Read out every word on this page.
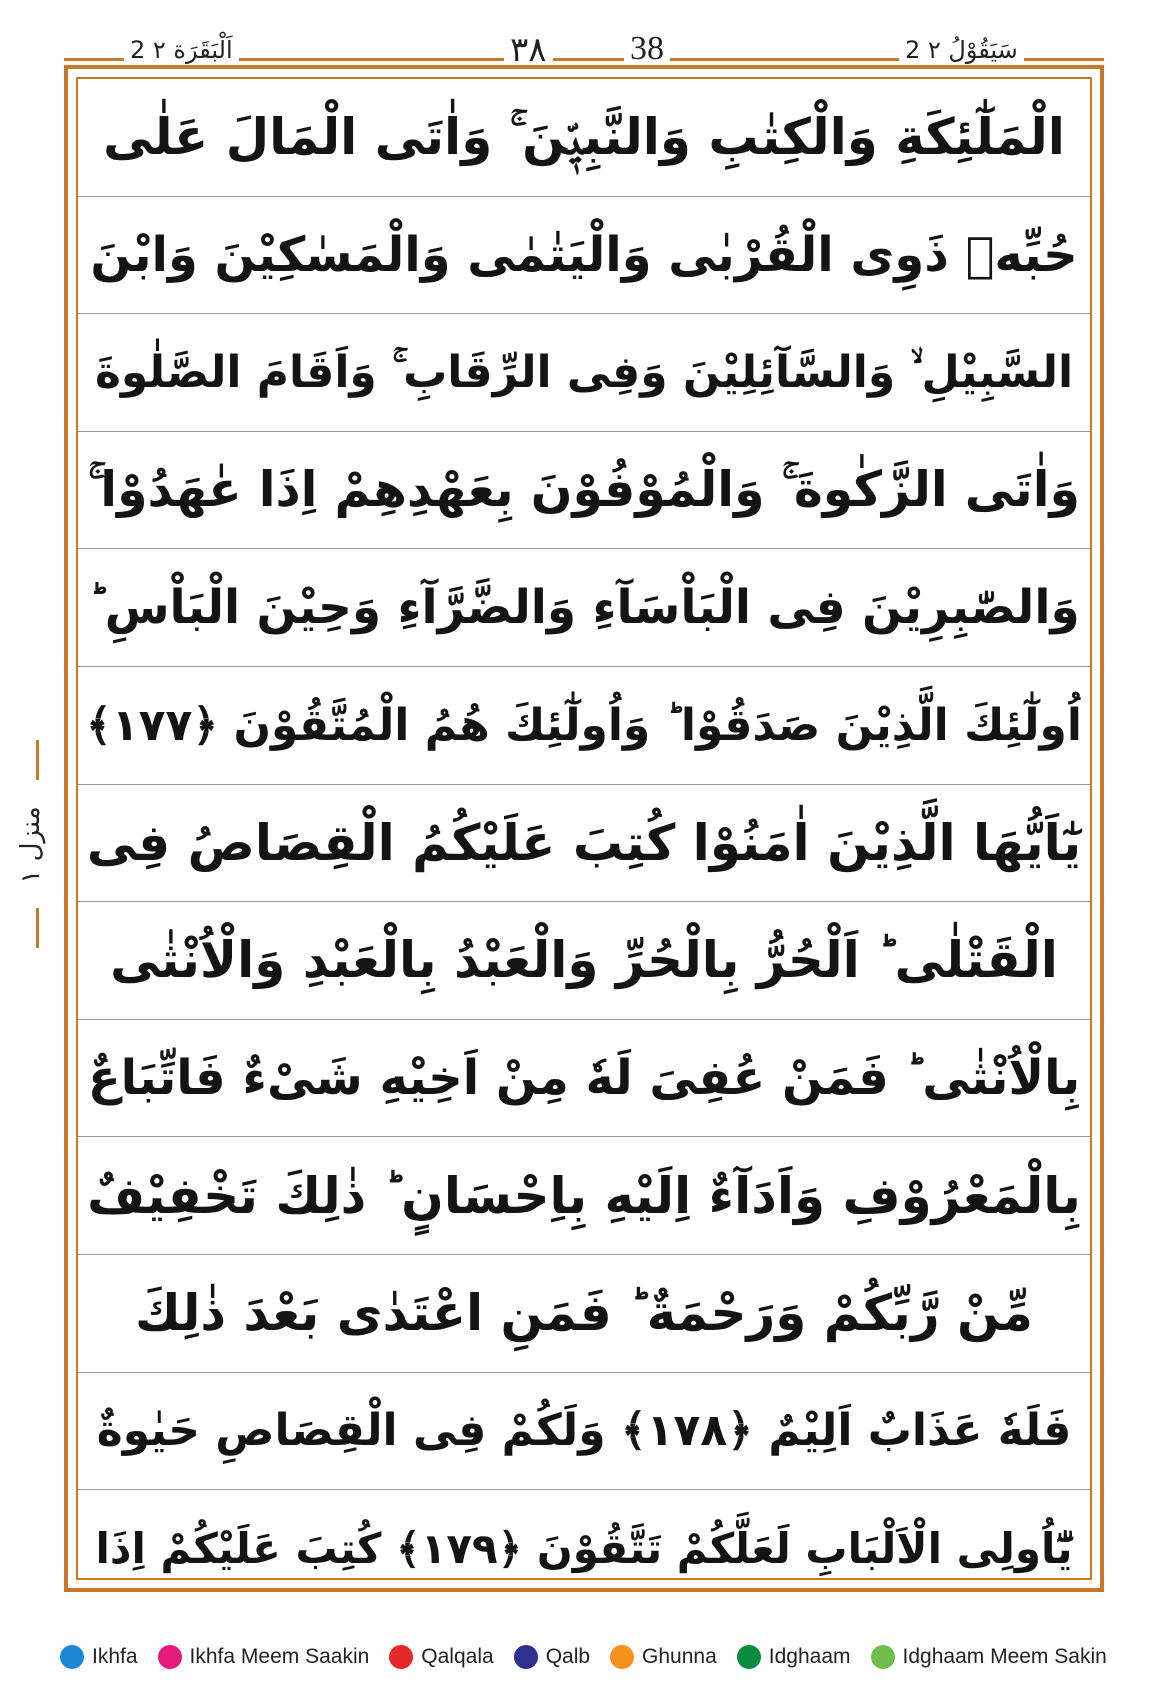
2 اَلْبَقَرَة ٢	٣٨ 38	2 سَيَقُوْلُ ٢
منزل ١
الْمَلٰٓئِكَةِ وَالْكِتٰبِ وَالنَّبِيّٖنَ ۚ وَاٰتَى الْمَالَ عَلٰى
حُبِّهٖ ذَوِى الْقُرْبٰى وَالْيَتٰمٰى وَالْمَسٰكِيْنَ وَابْنَ
السَّبِيْلِ ۙ وَالسَّآئِلِيْنَ وَفِى الرِّقَابِ ۚ وَاَقَامَ الصَّلٰوةَ
وَاٰتَى الزَّكٰوةَ ۚ وَالْمُوْفُوْنَ بِعَهْدِهِمْ اِذَا عٰهَدُوْا ۚ
وَالصّٰبِرِيْنَ فِى الْبَاْسَآءِ وَالضَّرَّآءِ وَحِيْنَ الْبَاْسِ ؕ
اُولٰٓئِكَ الَّذِيْنَ صَدَقُوْا ؕ وَاُولٰٓئِكَ هُمُ الْمُتَّقُوْنَ ﴿١٧٧﴾
يٰٓاَيُّهَا الَّذِيْنَ اٰمَنُوْا كُتِبَ عَلَيْكُمُ الْقِصَاصُ فِى
الْقَتْلٰى ؕ اَلْحُرُّ بِالْحُرِّ وَالْعَبْدُ بِالْعَبْدِ وَالْاُنْثٰى
بِالْاُنْثٰى ؕ فَمَنْ عُفِىَ لَهٗ مِنْ اَخِيْهِ شَىْءٌ فَاتِّبَاعٌ
بِالْمَعْرُوْفِ وَاَدَآءٌ اِلَيْهِ بِاِحْسَانٍ ؕ ذٰلِكَ تَخْفِيْفٌ
مِّنْ رَّبِّكُمْ وَرَحْمَةٌ ؕ فَمَنِ اعْتَدٰى بَعْدَ ذٰلِكَ
فَلَهٗ عَذَابٌ اَلِيْمٌ ﴿١٧٨﴾ وَلَكُمْ فِى الْقِصَاصِ حَيٰوةٌ
يّٰٓاُولِى الْاَلْبَابِ لَعَلَّكُمْ تَتَّقُوْنَ ﴿١٧٩﴾ كُتِبَ عَلَيْكُمْ اِذَا
Ikhfa Ikhfa Meem Saakin Qalqala Qalb Ghunna Idghaam Idghaam Meem Sakin
